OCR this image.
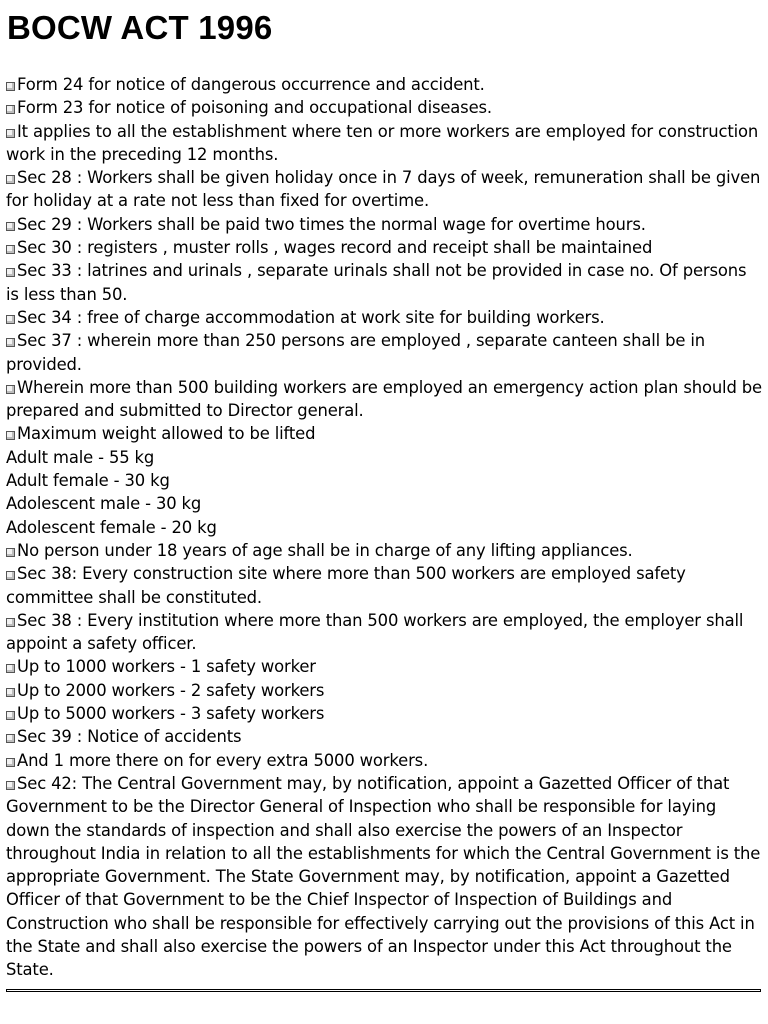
BOCW ACT 1996
Form 24 for notice of dangerous occurrence and accident.
Form 23 for notice of poisoning and occupational diseases.
It applies to all the establishment where ten or more workers are employed for construction work in the preceding 12 months.
Sec 28 : Workers shall be given holiday once in 7 days of week, remuneration shall be given for holiday at a rate not less than fixed for overtime.
Sec 29 : Workers shall be paid two times the normal wage for overtime hours.
Sec 30 : registers , muster rolls , wages record and receipt shall be maintained
Sec 33 : latrines and urinals , separate urinals shall not be provided in case no. Of persons is less than 50.
Sec 34 : free of charge accommodation at work site for building workers.
Sec 37 : wherein more than 250 persons are employed , separate canteen shall be in provided.
Wherein more than 500 building workers are employed an emergency action plan should be prepared and submitted to Director general.
Maximum weight allowed to be lifted
Adult male - 55 kg
Adult female - 30 kg
Adolescent male - 30 kg
Adolescent female - 20 kg
No person under 18 years of age shall be in charge of any lifting appliances.
Sec 38: Every construction site where more than 500 workers are employed safety committee shall be constituted.
Sec 38 : Every institution where more than 500 workers are employed, the employer shall appoint a safety officer.
Up to 1000 workers - 1 safety worker
Up to 2000 workers - 2 safety workers
Up to 5000 workers - 3 safety workers
Sec 39 : Notice of accidents
And 1 more there on for every extra 5000 workers.
Sec 42: The Central Government may, by notification, appoint a Gazetted Officer of that Government to be the Director General of Inspection who shall be responsible for laying down the standards of inspection and shall also exercise the powers of an Inspector throughout India in relation to all the establishments for which the Central Government is the appropriate Government. The State Government may, by notification, appoint a Gazetted Officer of that Government to be the Chief Inspector of Inspection of Buildings and Construction who shall be responsible for effectively carrying out the provisions of this Act in the State and shall also exercise the powers of an Inspector under this Act throughout the State.
